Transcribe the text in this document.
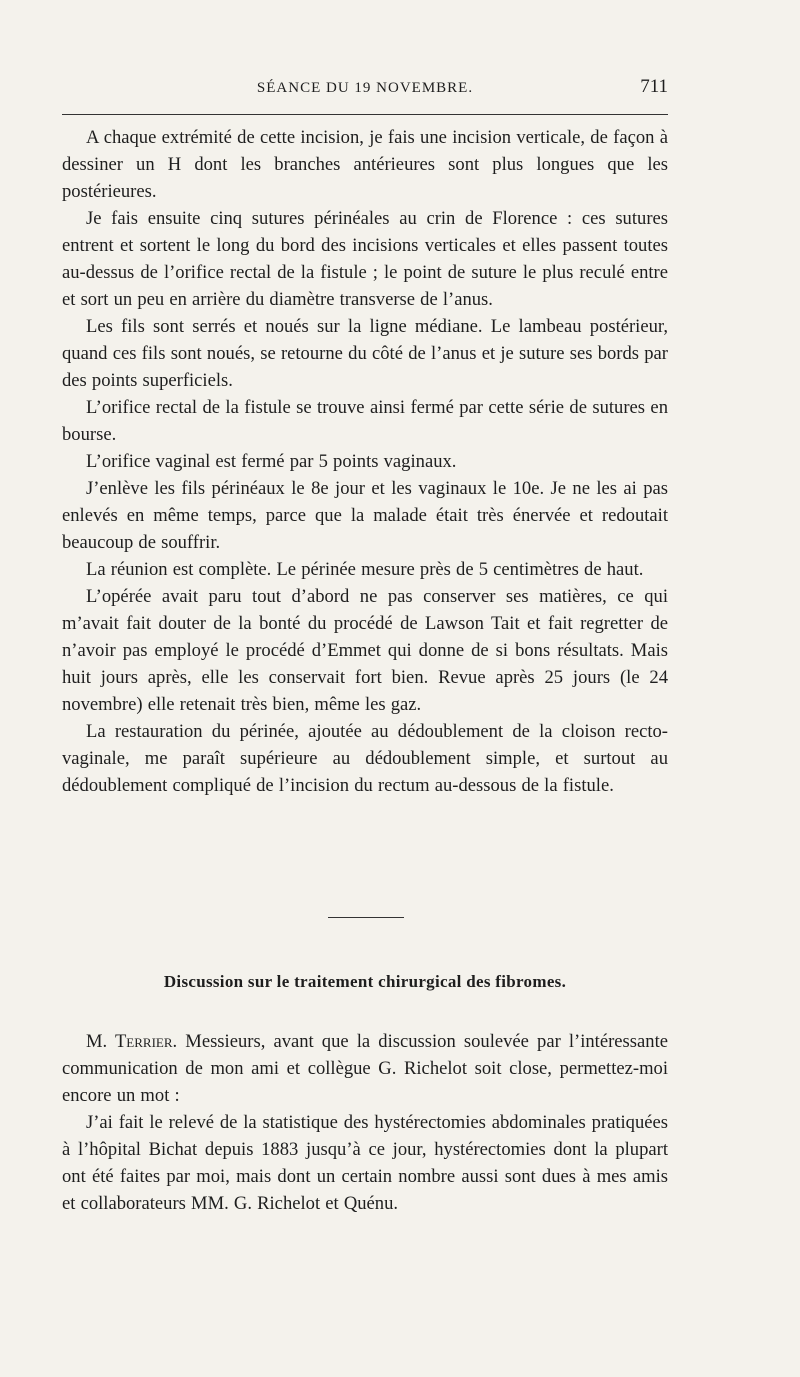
SÉANCE DU 19 NOVEMBRE.	711

A chaque extrémité de cette incision, je fais une incision verticale, de façon à dessiner un H dont les branches antérieures sont plus longues que les postérieures.

Je fais ensuite cinq sutures périnéales au crin de Florence : ces sutures entrent et sortent le long du bord des incisions verticales et elles passent toutes au-dessus de l’orifice rectal de la fistule ; le point de suture le plus reculé entre et sort un peu en arrière du diamètre transverse de l’anus.

Les fils sont serrés et noués sur la ligne médiane. Le lambeau postérieur, quand ces fils sont noués, se retourne du côté de l’anus et je suture ses bords par des points superficiels.

L’orifice rectal de la fistule se trouve ainsi fermé par cette série de sutures en bourse.

L’orifice vaginal est fermé par 5 points vaginaux.

J’enlève les fils périnéaux le 8e jour et les vaginaux le 10e. Je ne les ai pas enlevés en même temps, parce que la malade était très énervée et redoutait beaucoup de souffrir.

La réunion est complète. Le périnée mesure près de 5 centimètres de haut.

L’opérée avait paru tout d’abord ne pas conserver ses matières, ce qui m’avait fait douter de la bonté du procédé de Lawson Tait et fait regretter de n’avoir pas employé le procédé d’Emmet qui donne de si bons résultats. Mais huit jours après, elle les conservait fort bien. Revue après 25 jours (le 24 novembre) elle retenait très bien, même les gaz.

La restauration du périnée, ajoutée au dédoublement de la cloison recto-vaginale, me paraît supérieure au dédoublement simple, et surtout au dédoublement compliqué de l’incision du rectum au-dessous de la fistule.

Discussion sur le traitement chirurgical des fibromes.

M. Terrier. Messieurs, avant que la discussion soulevée par l’intéressante communication de mon ami et collègue G. Richelot soit close, permettez-moi encore un mot :

J’ai fait le relevé de la statistique des hystérectomies abdominales pratiquées à l’hôpital Bichat depuis 1883 jusqu’à ce jour, hystérectomies dont la plupart ont été faites par moi, mais dont un certain nombre aussi sont dues à mes amis et collaborateurs MM. G. Richelot et Quénu.
